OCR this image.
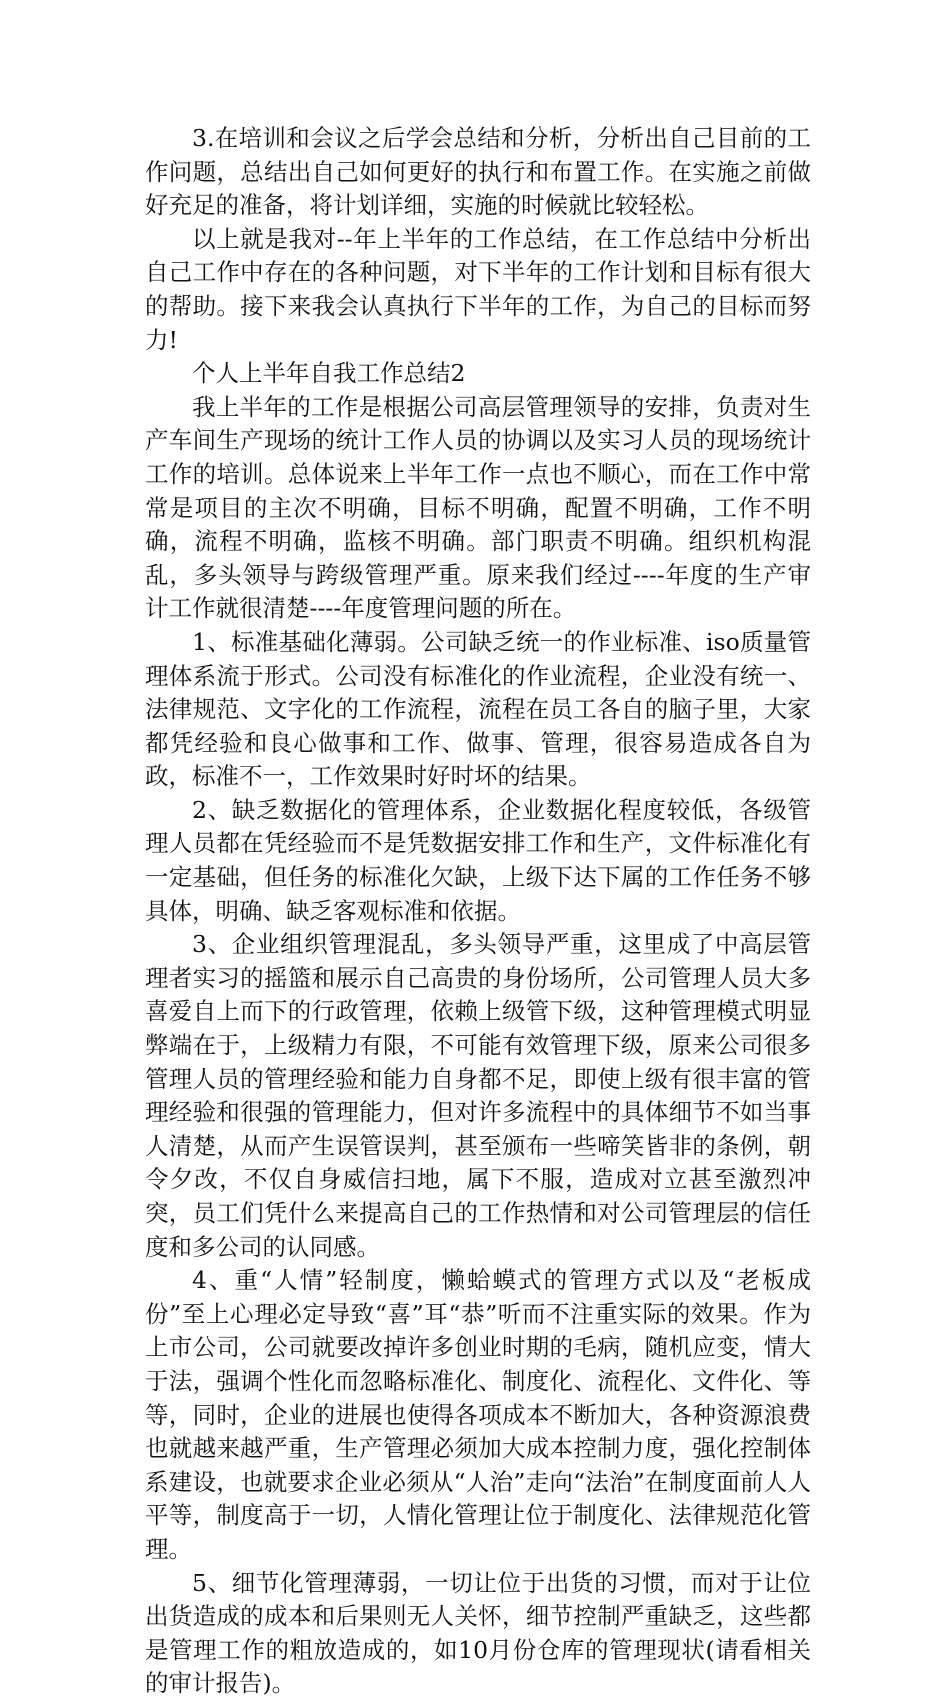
3.在培训和会议之后学会总结和分析，分析出自己目前的工作问题，总结出自己如何更好的执行和布置工作。在实施之前做好充足的准备，将计划详细，实施的时候就比较轻松。

以上就是我对--年上半年的工作总结，在工作总结中分析出自己工作中存在的各种问题，对下半年的工作计划和目标有很大的帮助。接下来我会认真执行下半年的工作，为自己的目标而努力!

个人上半年自我工作总结2

我上半年的工作是根据公司高层管理领导的安排，负责对生产车间生产现场的统计工作人员的协调以及实习人员的现场统计工作的培训。总体说来上半年工作一点也不顺心，而在工作中常常是项目的主次不明确，目标不明确，配置不明确，工作不明确，流程不明确，监核不明确。部门职责不明确。组织机构混乱，多头领导与跨级管理严重。原来我们经过----年度的生产审计工作就很清楚----年度管理问题的所在。

1、标准基础化薄弱。公司缺乏统一的作业标准、iso质量管理体系流于形式。公司没有标准化的作业流程，企业没有统一、法律规范、文字化的工作流程，流程在员工各自的脑子里，大家都凭经验和良心做事和工作、做事、管理，很容易造成各自为政，标准不一，工作效果时好时坏的结果。

2、缺乏数据化的管理体系，企业数据化程度较低，各级管理人员都在凭经验而不是凭数据安排工作和生产，文件标准化有一定基础，但任务的标准化欠缺，上级下达下属的工作任务不够具体，明确、缺乏客观标准和依据。

3、企业组织管理混乱，多头领导严重，这里成了中高层管理者实习的摇篮和展示自己高贵的身份场所，公司管理人员大多喜爱自上而下的行政管理，依赖上级管下级，这种管理模式明显弊端在于，上级精力有限，不可能有效管理下级，原来公司很多管理人员的管理经验和能力自身都不足，即使上级有很丰富的管理经验和很强的管理能力，但对许多流程中的具体细节不如当事人清楚，从而产生误管误判，甚至颁布一些啼笑皆非的条例，朝令夕改，不仅自身威信扫地，属下不服，造成对立甚至激烈冲突，员工们凭什么来提高自己的工作热情和对公司管理层的信任度和多公司的认同感。

4、重“人情”轻制度，懒蛤蟆式的管理方式以及“老板成份”至上心理必定导致“喜”耳“恭”听而不注重实际的效果。作为上市公司，公司就要改掉许多创业时期的毛病，随机应变，情大于法，强调个性化而忽略标准化、制度化、流程化、文件化、等等，同时，企业的进展也使得各项成本不断加大，各种资源浪费也就越来越严重，生产管理必须加大成本控制力度，强化控制体系建设，也就要求企业必须从“人治”走向“法治”在制度面前人人平等，制度高于一切，人情化管理让位于制度化、法律规范化管理。

5、细节化管理薄弱，一切让位于出货的习惯，而对于让位出货造成的成本和后果则无人关怀，细节控制严重缺乏，这些都是管理工作的粗放造成的，如10月份仓库的管理现状(请看相关的审计报告)。
